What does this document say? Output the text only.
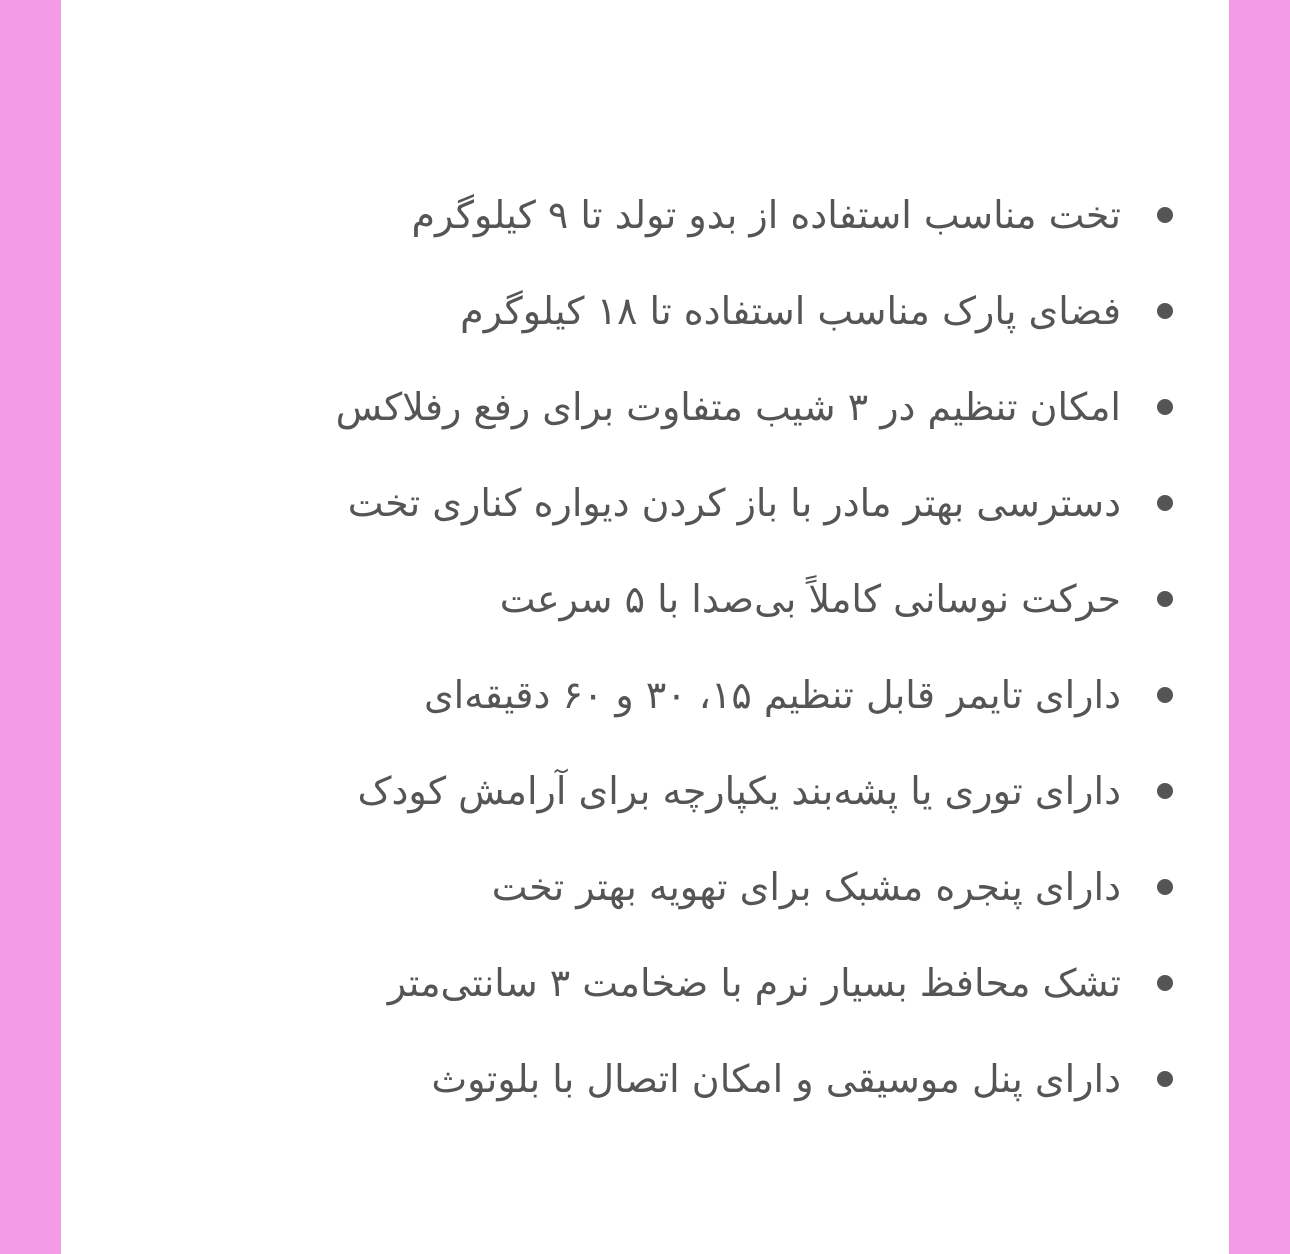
تخت مناسب استفاده از بدو تولد تا ۹ کیلوگرم
فضای پارک مناسب استفاده تا ۱۸ کیلوگرم
امکان تنظیم در ۳ شیب متفاوت برای رفع رفلاکس
دسترسی بهتر مادر با باز کردن دیواره کناری تخت
حرکت نوسانی کاملاً بی‌صدا با ۵ سرعت
دارای تایمر قابل تنظیم ۱۵، ۳۰ و ۶۰ دقیقه‌ای
دارای توری یا پشه‌بند یکپارچه برای آرامش کودک
دارای پنجره مشبک برای تهویه بهتر تخت
تشک محافظ بسیار نرم با ضخامت ۳ سانتی‌متر
دارای پنل موسیقی و امکان اتصال با بلوتوث
